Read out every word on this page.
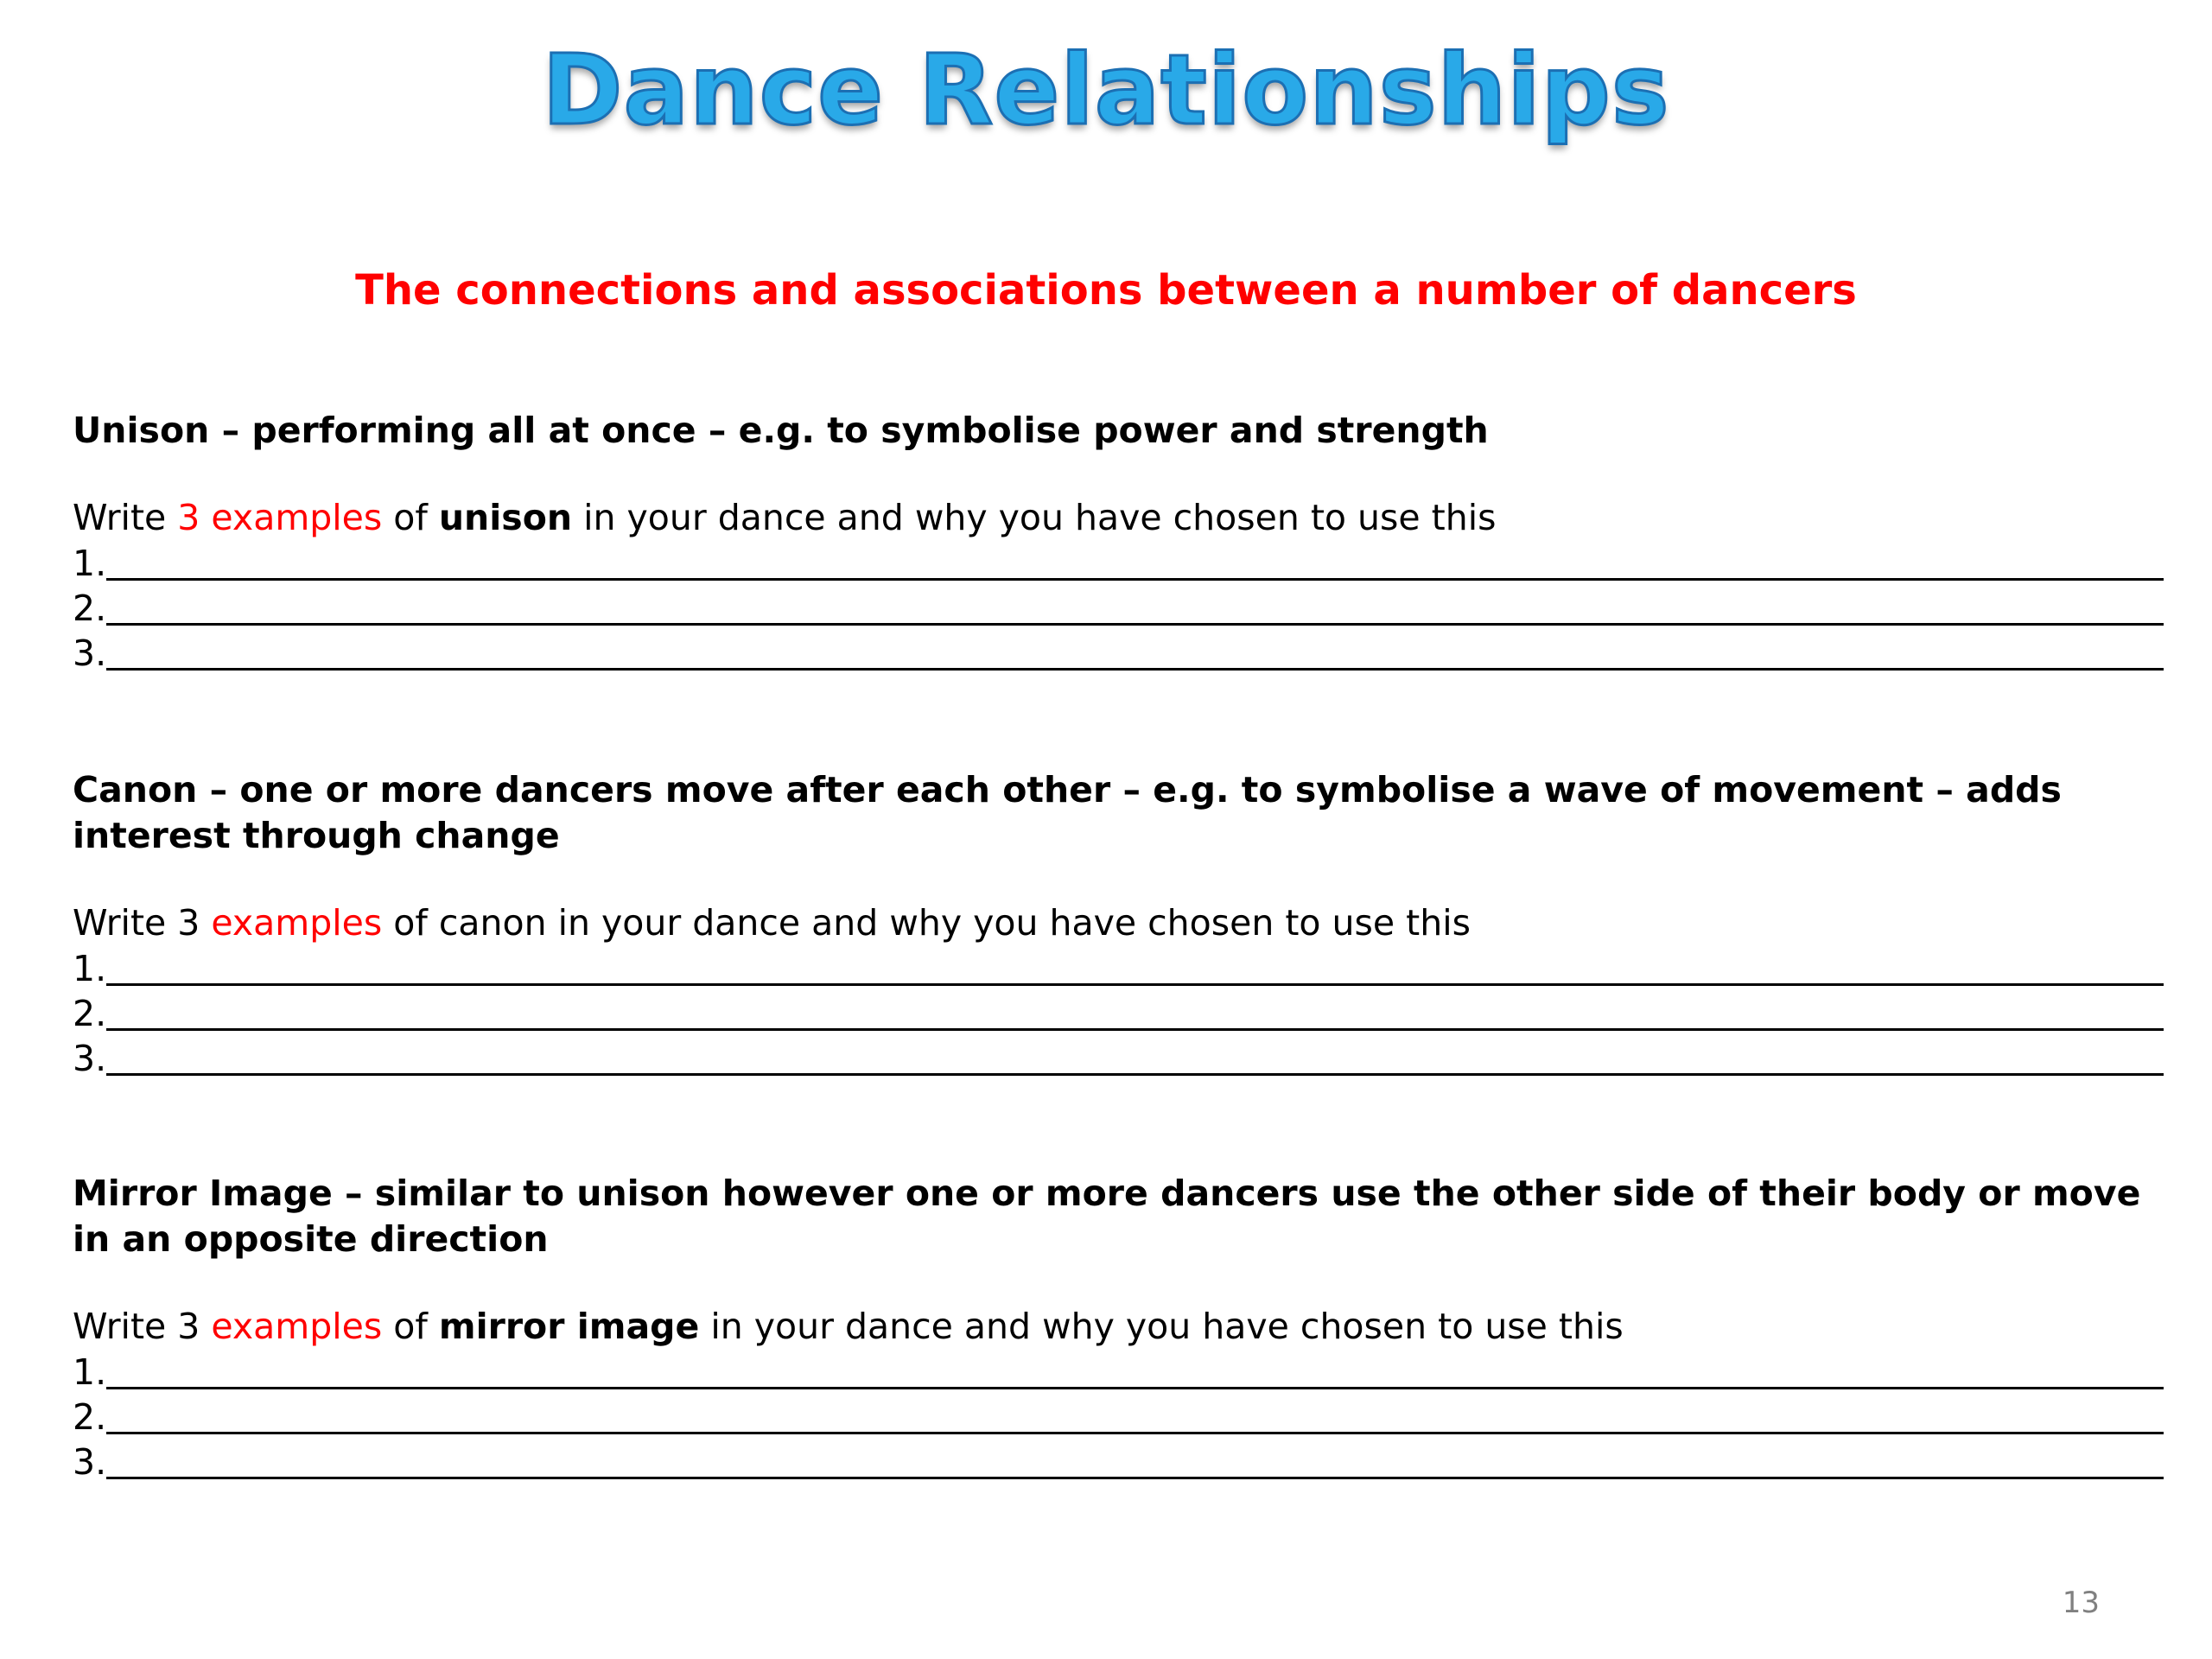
Dance Relationships
The connections and associations between a number of dancers

Unison – performing all at once – e.g. to symbolise power and strength

Write 3 examples of unison in your dance and why you have chosen to use this

1.
2.
3.

Canon – one or more dancers move after each other – e.g. to symbolise a wave of movement – adds interest through change

Write 3 examples of canon in your dance and why you have chosen to use this

1.
2.
3.

Mirror Image – similar to unison however one or more dancers use the other side of their body or move in an opposite direction

Write 3 examples of mirror image in your dance and why you have chosen to use this

1.
2.
3.
13
